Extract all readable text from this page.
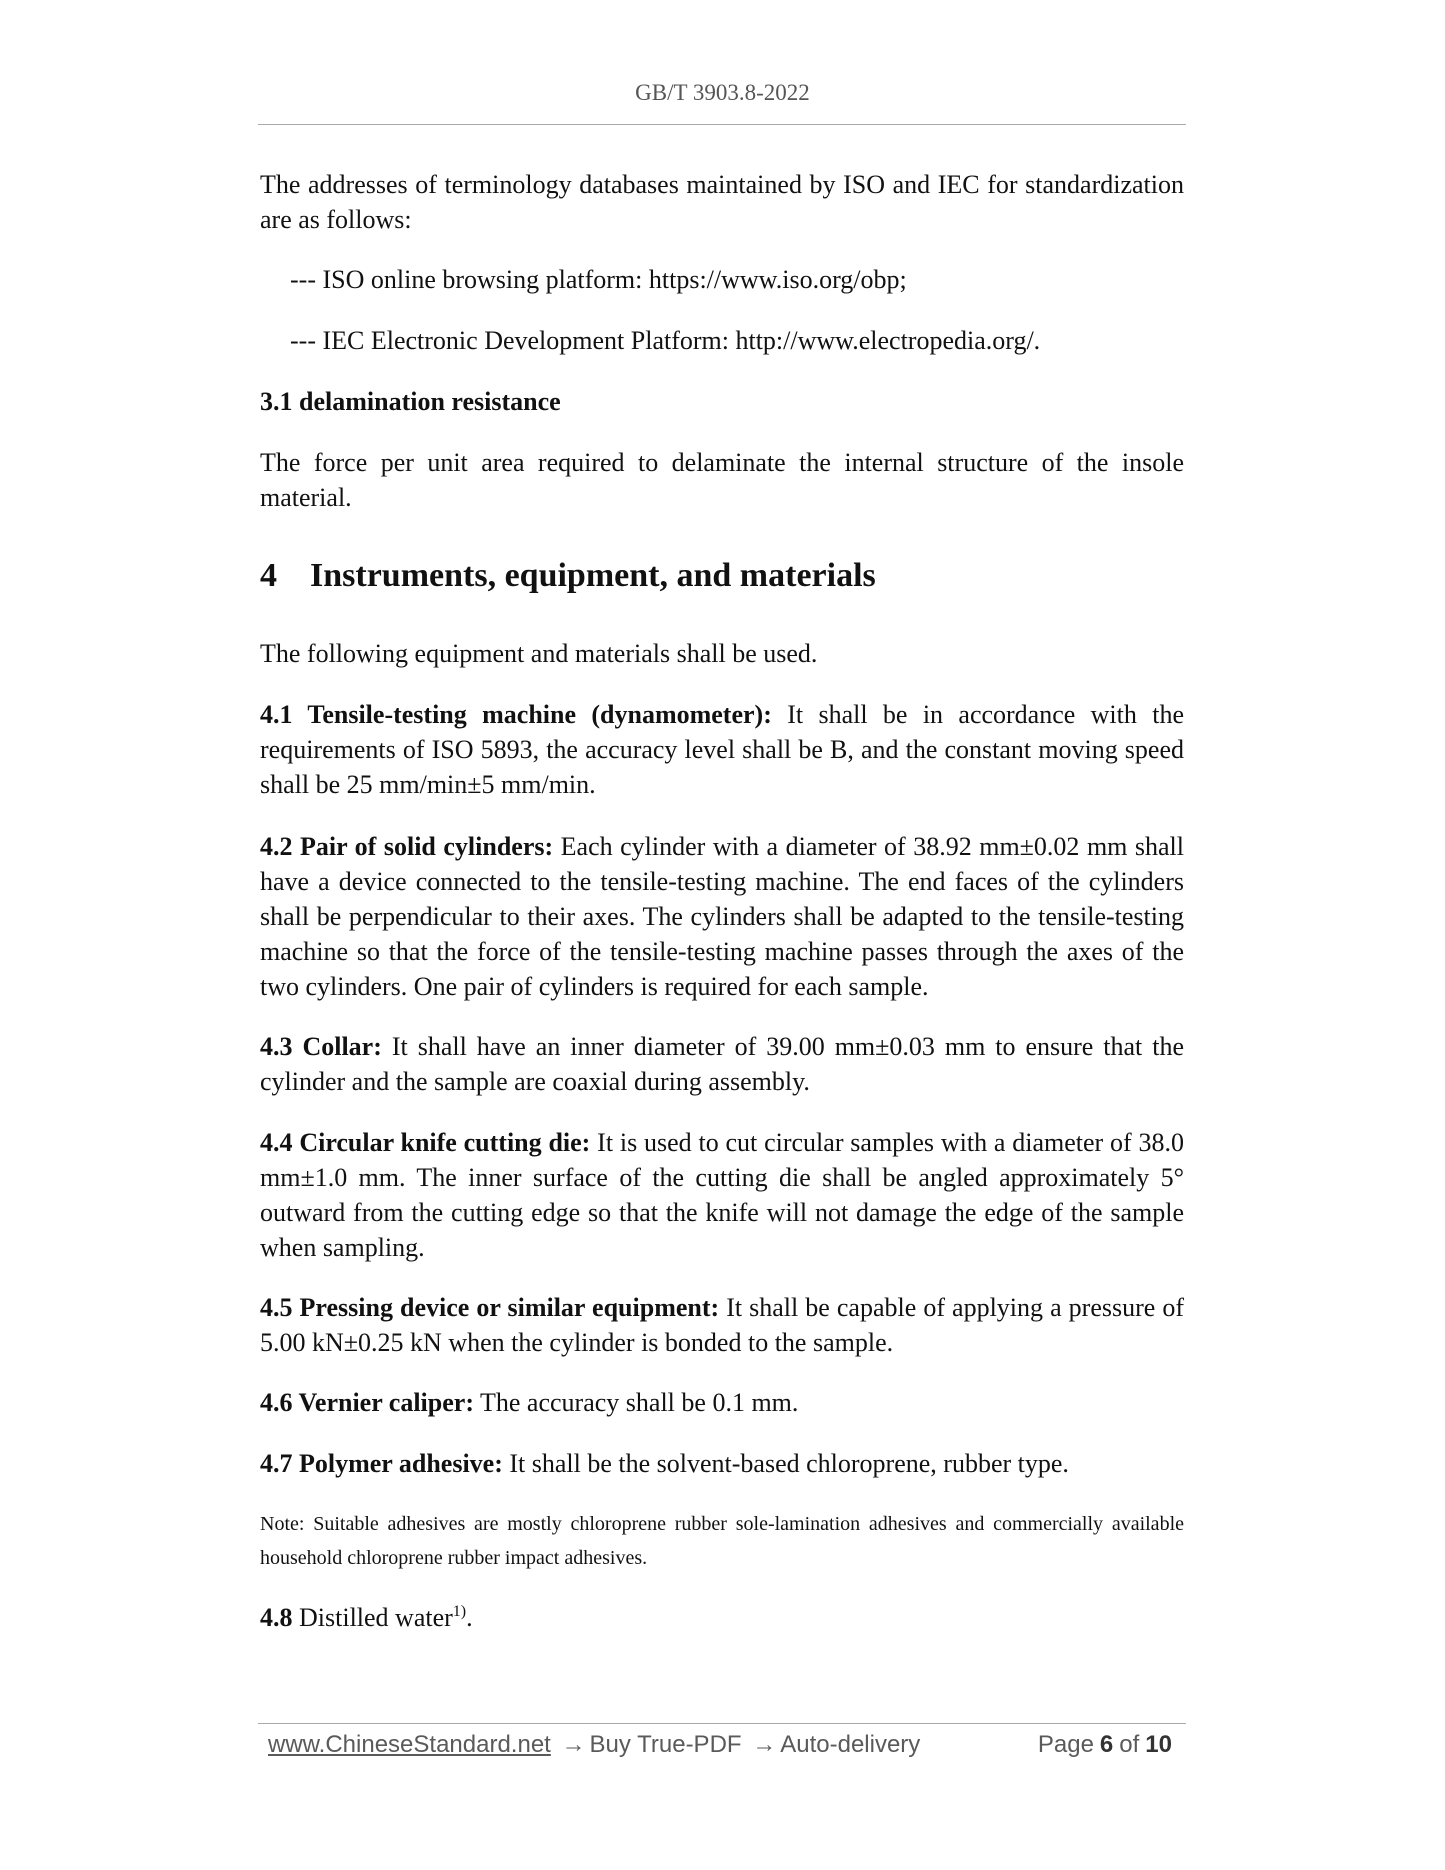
GB/T 3903.8-2022

The addresses of terminology databases maintained by ISO and IEC for standardization are as follows:

--- ISO online browsing platform: https://www.iso.org/obp;

--- IEC Electronic Development Platform: http://www.electropedia.org/.

3.1 delamination resistance

The force per unit area required to delaminate the internal structure of the insole material.

4 Instruments, equipment, and materials

The following equipment and materials shall be used.

4.1 Tensile-testing machine (dynamometer): It shall be in accordance with the requirements of ISO 5893, the accuracy level shall be B, and the constant moving speed shall be 25 mm/min±5 mm/min.

4.2 Pair of solid cylinders: Each cylinder with a diameter of 38.92 mm±0.02 mm shall have a device connected to the tensile-testing machine. The end faces of the cylinders shall be perpendicular to their axes. The cylinders shall be adapted to the tensile-testing machine so that the force of the tensile-testing machine passes through the axes of the two cylinders. One pair of cylinders is required for each sample.

4.3 Collar: It shall have an inner diameter of 39.00 mm±0.03 mm to ensure that the cylinder and the sample are coaxial during assembly.

4.4 Circular knife cutting die: It is used to cut circular samples with a diameter of 38.0 mm±1.0 mm. The inner surface of the cutting die shall be angled approximately 5° outward from the cutting edge so that the knife will not damage the edge of the sample when sampling.

4.5 Pressing device or similar equipment: It shall be capable of applying a pressure of 5.00 kN±0.25 kN when the cylinder is bonded to the sample.

4.6 Vernier caliper: The accuracy shall be 0.1 mm.

4.7 Polymer adhesive: It shall be the solvent-based chloroprene, rubber type.

Note: Suitable adhesives are mostly chloroprene rubber sole-lamination adhesives and commercially available household chloroprene rubber impact adhesives.

4.8 Distilled water$^{1)}$.

www.ChineseStandard.net → Buy True-PDF → Auto-delivery	Page 6 of 10
